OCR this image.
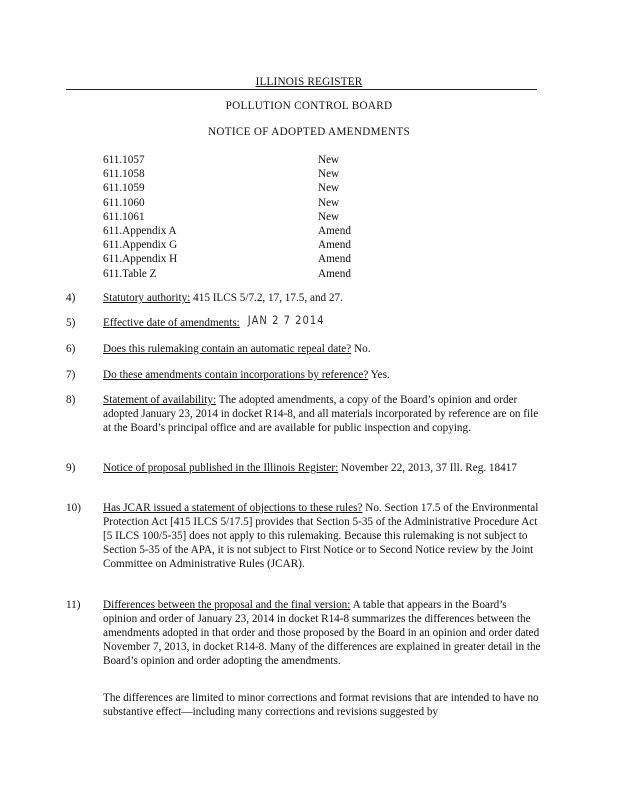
ILLINOIS REGISTER
POLLUTION CONTROL BOARD
NOTICE OF ADOPTED AMENDMENTS
611.1057	New
611.1058	New
611.1059	New
611.1060	New
611.1061	New
611.Appendix A	Amend
611.Appendix G	Amend
611.Appendix H	Amend
611.Table Z	Amend
4) Statutory authority: 415 ILCS 5/7.2, 17, 17.5, and 27.
5) Effective date of amendments: JAN 2 7 2014
6) Does this rulemaking contain an automatic repeal date? No.
7) Do these amendments contain incorporations by reference? Yes.
8) Statement of availability: The adopted amendments, a copy of the Board’s opinion and order adopted January 23, 2014 in docket R14-8, and all materials incorporated by reference are on file at the Board’s principal office and are available for public inspection and copying.
9) Notice of proposal published in the Illinois Register: November 22, 2013, 37 Ill. Reg. 18417
10) Has JCAR issued a statement of objections to these rules? No. Section 17.5 of the Environmental Protection Act [415 ILCS 5/17.5] provides that Section 5-35 of the Administrative Procedure Act [5 ILCS 100/5-35] does not apply to this rulemaking. Because this rulemaking is not subject to Section 5-35 of the APA, it is not subject to First Notice or to Second Notice review by the Joint Committee on Administrative Rules (JCAR).
11) Differences between the proposal and the final version: A table that appears in the Board’s opinion and order of January 23, 2014 in docket R14-8 summarizes the differences between the amendments adopted in that order and those proposed by the Board in an opinion and order dated November 7, 2013, in docket R14-8. Many of the differences are explained in greater detail in the Board’s opinion and order adopting the amendments.
The differences are limited to minor corrections and format revisions that are intended to have no substantive effect—including many corrections and revisions suggested by
